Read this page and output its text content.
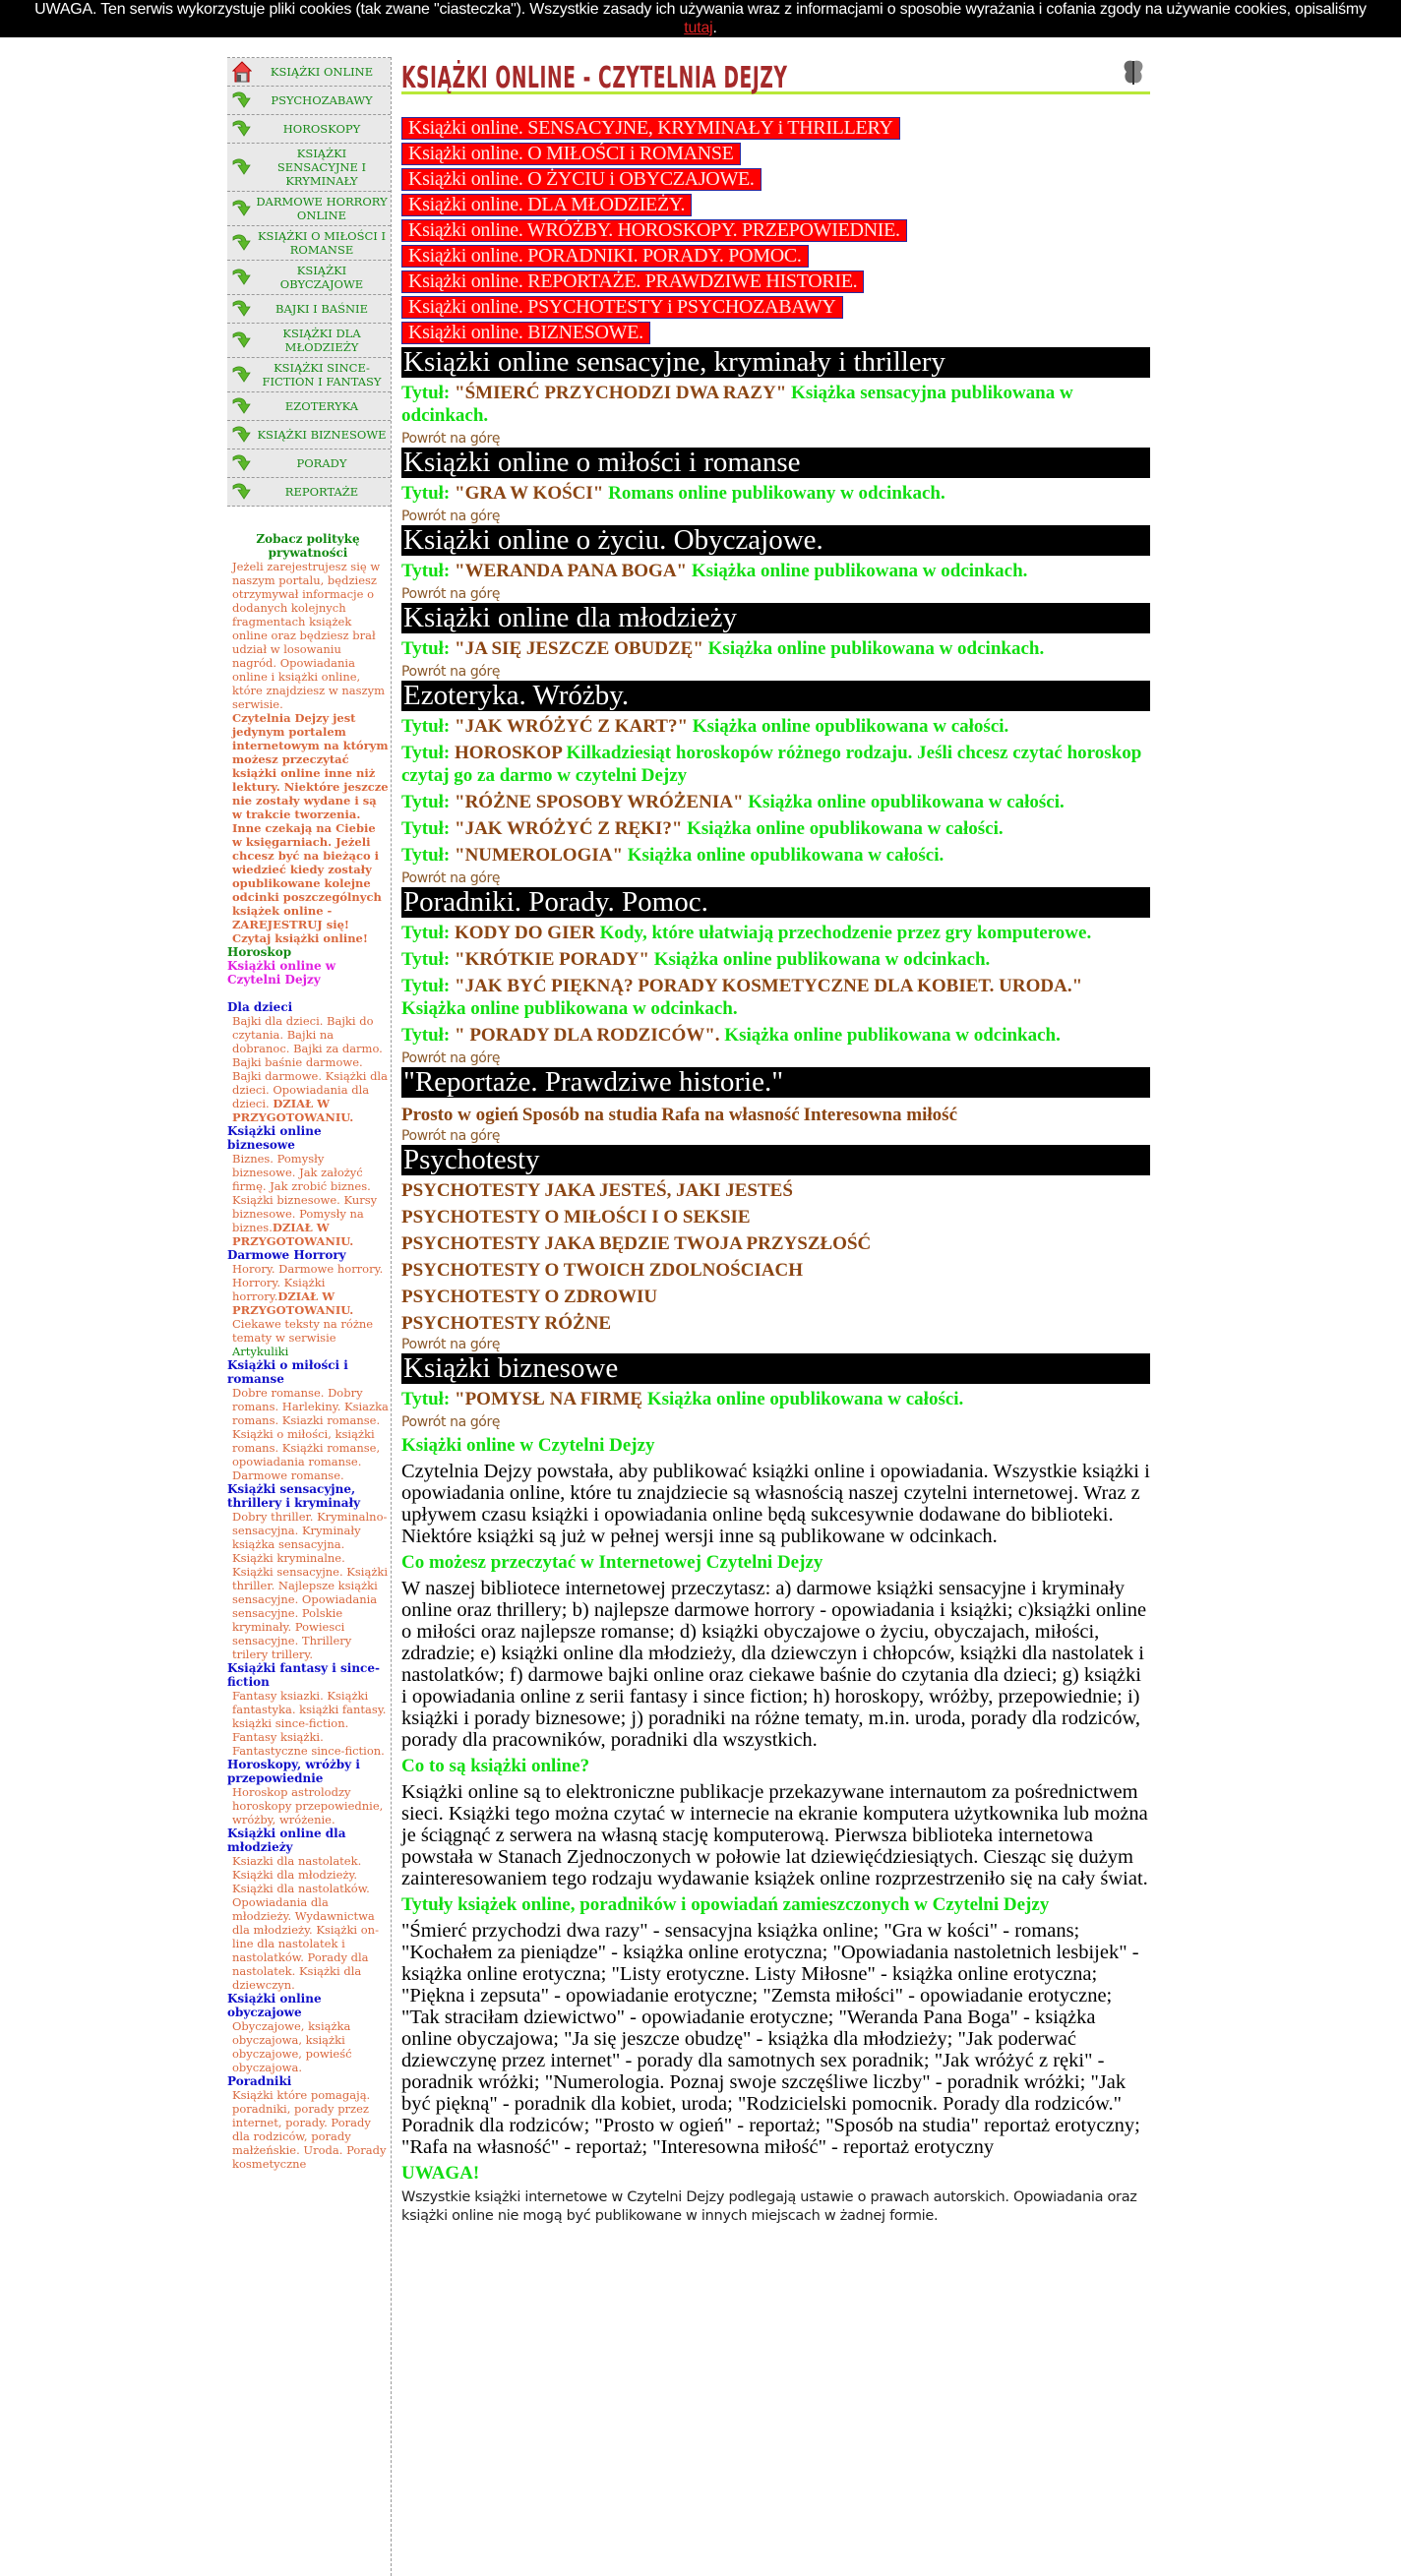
UWAGA. Ten serwis wykorzystuje pliki cookies (tak zwane "ciasteczka"). Wszystkie zasady ich używania wraz z informacjami o sposobie wyrażania i cofania zgody na używanie cookies, opisaliśmy tutaj.
KSIĄŻKI ONLINE
PSYCHOZABAWY
HOROSKOPY
KSIĄŻKI SENSACYJNE I KRYMINAŁY
DARMOWE HORRORY ONLINE
KSIĄŻKI O MIŁOŚCI I ROMANSE
KSIĄŻKI OBYCZAJOWE
BAJKI I BAŚNIE
KSIĄŻKI DLA MŁODZIEŻY
KSIĄŻKI SINCE-FICTION I FANTASY
EZOTERYKA
KSIĄŻKI BIZNESOWE
PORADY
REPORTAŻE
Zobacz politykę prywatności
Jeżeli zarejestrujesz się w naszym portalu, będziesz otrzymywał informacje o dodanych kolejnych fragmentach książek online oraz będziesz brał udział w losowaniu nagród. Opowiadania online i książki online, które znajdziesz w naszym serwisie.
Czytelnia Dejzy jest jedynym portalem internetowym na którym możesz przeczytać książki online inne niż lektury. Niektóre jeszcze nie zostały wydane i są w trakcie tworzenia. Inne czekają na Ciebie w księgarniach. Jeżeli chcesz być na bieżąco i wiedzieć kiedy zostały opublikowane kolejne odcinki poszczególnych książek online - ZAREJESTRUJ się! Czytaj książki online!
Horoskop
Książki online w Czytelni Dejzy
Dla dzieci
Bajki dla dzieci. Bajki do czytania. Bajki na dobranoc. Bajki za darmo. Bajki baśnie darmowe. Bajki darmowe. Książki dla dzieci. Opowiadania dla dzieci. DZIAŁ W PRZYGOTOWANIU.
Książki online biznesowe
Biznes. Pomysły biznesowe. Jak założyć firmę. Jak zrobić biznes. Książki biznesowe. Kursy biznesowe. Pomysły na biznes.DZIAŁ W PRZYGOTOWANIU.
Darmowe Horrory
Horory. Darmowe horrory. Horrory. Książki horrory.DZIAŁ W PRZYGOTOWANIU.
Ciekawe teksty na różne tematy w serwisie Artykuliki
Książki o miłości i romanse
Dobre romanse. Dobry romans. Harlekiny. Ksiazka romans. Ksiazki romanse. Książki o miłości, książki romans. Książki romanse, opowiadania romanse. Darmowe romanse.
Książki sensacyjne, thrillery i kryminały
Dobry thriller. Kryminalno-sensacyjna. Kryminały książka sensacyjna. Książki kryminalne. Książki sensacyjne. Książki thriller. Najlepsze książki sensacyjne. Opowiadania sensacyjne. Polskie kryminały. Powiesci sensacyjne. Thrillery trilery trillery.
Książki fantasy i since-fiction
Fantasy ksiazki. Książki fantastyka. książki fantasy. książki since-fiction. Fantasy książki. Fantastyczne since-fiction.
Horoskopy, wróżby i przepowiednie
Horoskop astrolodzy horoskopy przepowiednie, wróżby, wróżenie.
Książki online dla młodzieży
Ksiazki dla nastolatek. Książki dla młodzieży. Książki dla nastolatków. Opowiadania dla młodzieży. Wydawnictwa dla młodzieży. Książki on-line dla nastolatek i nastolatków. Porady dla nastolatek. Książki dla dziewczyn.
Książki online obyczajowe
Obyczajowe, książka obyczajowa, książki obyczajowe, powieść obyczajowa.
Poradniki
Książki które pomagają. poradniki, porady przez internet, porady. Porady dla rodziców, porady małżeńskie. Uroda. Porady kosmetyczne
KSIĄŻKI ONLINE - CZYTELNIA DEJZY
Książki online. SENSACYJNE, KRYMINAŁY i THRILLERY
Książki online. O MIŁOŚCI i ROMANSE
Książki online. O ŻYCIU i OBYCZAJOWE.
Książki online. DLA MŁODZIEŻY.
Książki online. WRÓŻBY. HOROSKOPY. PRZEPOWIEDNIE.
Książki online. PORADNIKI. PORADY. POMOC.
Książki online. REPORTAŻE. PRAWDZIWE HISTORIE.
Książki online. PSYCHOTESTY i PSYCHOZABAWY
Książki online. BIZNESOWE.
Książki online sensacyjne, kryminały i thrillery
Tytuł: "ŚMIERĆ PRZYCHODZI DWA RAZY" Książka sensacyjna publikowana w odcinkach.
Powrót na górę
Książki online o miłości i romanse
Tytuł: "GRA W KOŚCI" Romans online publikowany w odcinkach.
Powrót na górę
Książki online o życiu. Obyczajowe.
Tytuł: "WERANDA PANA BOGA" Książka online publikowana w odcinkach.
Powrót na górę
Książki online dla młodzieży
Tytuł: "JA SIĘ JESZCZE OBUDZĘ" Książka online publikowana w odcinkach.
Powrót na górę
Ezoteryka. Wróżby.
Tytuł: "JAK WRÓŻYĆ Z KART?" Książka online opublikowana w całości.
Tytuł: HOROSKOP Kilkadziesiąt horoskopów różnego rodzaju. Jeśli chcesz czytać horoskop czytaj go za darmo w czytelni Dejzy
Tytuł: "RÓŻNE SPOSOBY WRÓŻENIA" Książka online opublikowana w całości.
Tytuł: "JAK WRÓŻYĆ Z RĘKI?" Książka online opublikowana w całości.
Tytuł: "NUMEROLOGIA" Książka online opublikowana w całości.
Powrót na górę
Poradniki. Porady. Pomoc.
Tytuł: KODY DO GIER Kody, które ułatwiają przechodzenie przez gry komputerowe.
Tytuł: "KRÓTKIE PORADY" Książka online publikowana w odcinkach.
Tytuł: "JAK BYĆ PIĘKNĄ? PORADY KOSMETYCZNE DLA KOBIET. URODA." Książka online publikowana w odcinkach.
Tytuł: " PORADY DLA RODZICÓW". Książka online publikowana w odcinkach.
Powrót na górę
"Reportaże. Prawdziwe historie."
Prosto w ogień Sposób na studia Rafa na własność Interesowna miłość
Powrót na górę
Psychotesty
PSYCHOTESTY JAKA JESTEŚ, JAKI JESTEŚ
PSYCHOTESTY O MIŁOŚCI I O SEKSIE
PSYCHOTESTY JAKA BĘDZIE TWOJA PRZYSZŁOŚĆ
PSYCHOTESTY O TWOICH ZDOLNOŚCIACH
PSYCHOTESTY O ZDROWIU
PSYCHOTESTY RÓŻNE
Powrót na górę
Książki biznesowe
Tytuł: "POMYSŁ NA FIRMĘ Książka online opublikowana w całości.
Powrót na górę
Książki online w Czytelni Dejzy

Czytelnia Dejzy powstała, aby publikować książki online i opowiadania. Wszystkie książki i opowiadania online, które tu znajdziecie są własnością naszej czytelni internetowej. Wraz z upływem czasu książki i opowiadania online będą sukcesywnie dodawane do biblioteki. Niektóre książki są już w pełnej wersji inne są publikowane w odcinkach.

Co możesz przeczytać w Internetowej Czytelni Dejzy

W naszej bibliotece internetowej przeczytasz: a) darmowe książki sensacyjne i kryminały online oraz thrillery; b) najlepsze darmowe horrory - opowiadania i książki; c)książki online o miłości oraz najlepsze romanse; d) książki obyczajowe o życiu, obyczajach, miłości, zdradzie; e) książki online dla młodzieży, dla dziewczyn i chłopców, książki dla nastolatek i nastolatków; f) darmowe bajki online oraz ciekawe baśnie do czytania dla dzieci; g) książki i opowiadania online z serii fantasy i since fiction; h) horoskopy, wróżby, przepowiednie; i) książki i porady biznesowe; j) poradniki na różne tematy, m.in. uroda, porady dla rodziców, porady dla pracowników, poradniki dla wszystkich.

Co to są książki online?

Książki online są to elektroniczne publikacje przekazywane internautom za pośrednictwem sieci. Książki tego można czytać w internecie na ekranie komputera użytkownika lub można je ściągnąć z serwera na własną stację komputerową. Pierwsza biblioteka internetowa powstała w Stanach Zjednoczonych w połowie lat dziewięćdziesiątych. Ciesząc się dużym zainteresowaniem tego rodzaju wydawanie książek online rozprzestrzeniło się na cały świat.

Tytuły książek online, poradników i opowiadań zamieszczonych w Czytelni Dejzy

"Śmierć przychodzi dwa razy" - sensacyjna książka online; "Gra w kości" - romans; "Kochałem za pieniądze" - książka online erotyczna; "Opowiadania nastoletnich lesbijek" - książka online erotyczna; "Listy erotyczne. Listy Miłosne" - książka online erotyczna; "Piękna i zepsuta" - opowiadanie erotyczne; "Zemsta miłości" - opowiadanie erotyczne; "Tak straciłam dziewictwo" - opowiadanie erotyczne; "Weranda Pana Boga" - książka online obyczajowa; "Ja się jeszcze obudzę" - książka dla młodzieży; "Jak poderwać dziewczynę przez internet" - porady dla samotnych sex poradnik; "Jak wróżyć z ręki" - poradnik wróżki; "Numerologia. Poznaj swoje szczęśliwe liczby" - poradnik wróżki; "Jak być piękną" - poradnik dla kobiet, uroda; "Rodzicielski pomocnik. Porady dla rodziców." Poradnik dla rodziców; "Prosto w ogień" - reportaż; "Sposób na studia" reportaż erotyczny; "Rafa na własność" - reportaż; "Interesowna miłość" - reportaż erotyczny

UWAGA!

Wszystkie książki internetowe w Czytelni Dejzy podlegają ustawie o prawach autorskich. Opowiadania oraz książki online nie mogą być publikowane w innych miejscach w żadnej formie.
